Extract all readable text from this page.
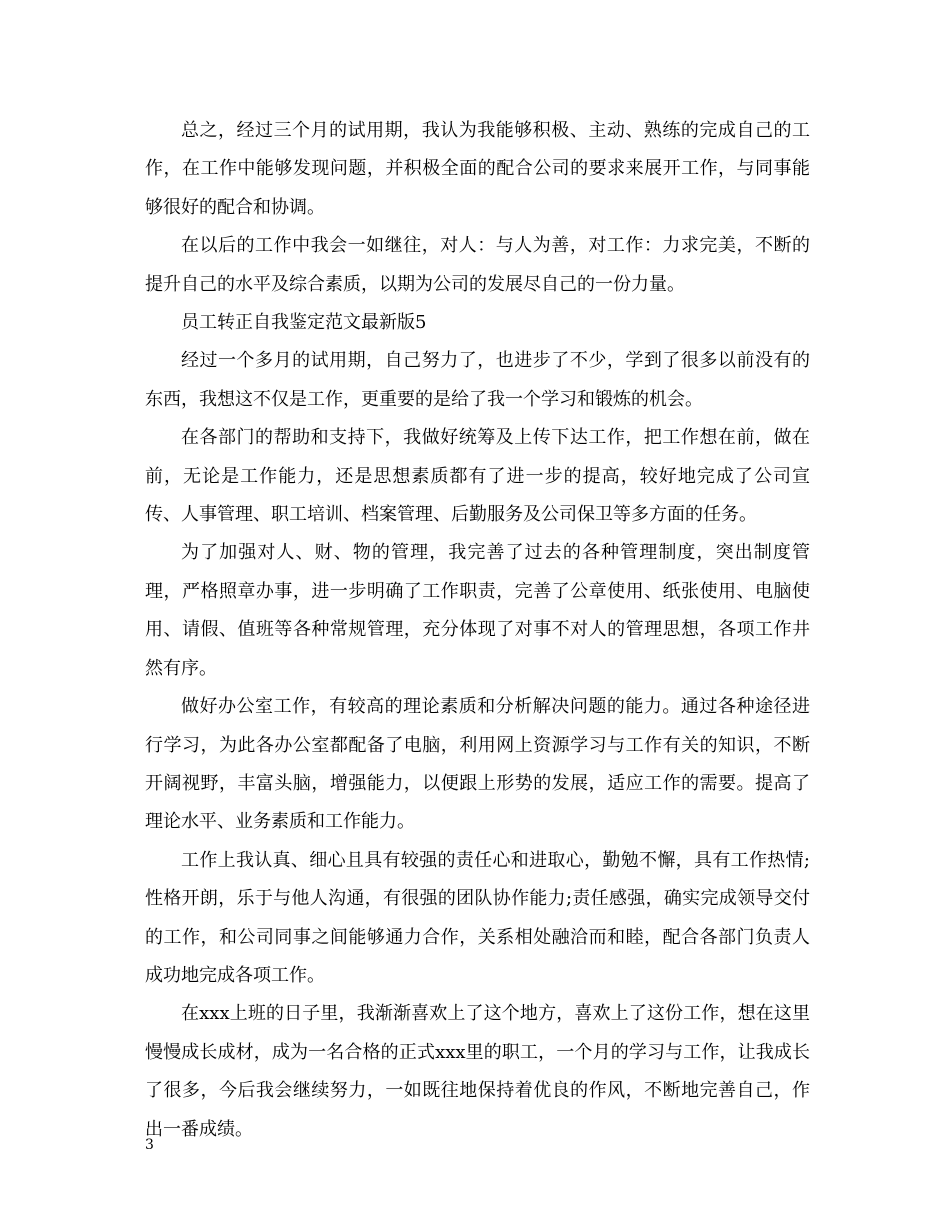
总之，经过三个月的试用期，我认为我能够积极、主动、熟练的完成自己的工作，在工作中能够发现问题，并积极全面的配合公司的要求来展开工作，与同事能够很好的配合和协调。

在以后的工作中我会一如继往，对人：与人为善，对工作：力求完美，不断的提升自己的水平及综合素质，以期为公司的发展尽自己的一份力量。

员工转正自我鉴定范文最新版5

经过一个多月的试用期，自己努力了，也进步了不少，学到了很多以前没有的东西，我想这不仅是工作，更重要的是给了我一个学习和锻炼的机会。

在各部门的帮助和支持下，我做好统筹及上传下达工作，把工作想在前，做在前，无论是工作能力，还是思想素质都有了进一步的提高，较好地完成了公司宣传、人事管理、职工培训、档案管理、后勤服务及公司保卫等多方面的任务。

为了加强对人、财、物的管理，我完善了过去的各种管理制度，突出制度管理，严格照章办事，进一步明确了工作职责，完善了公章使用、纸张使用、电脑使用、请假、值班等各种常规管理，充分体现了对事不对人的管理思想，各项工作井然有序。

做好办公室工作，有较高的理论素质和分析解决问题的能力。通过各种途径进行学习，为此各办公室都配备了电脑，利用网上资源学习与工作有关的知识，不断开阔视野，丰富头脑，增强能力，以便跟上形势的发展，适应工作的需要。提高了理论水平、业务素质和工作能力。

工作上我认真、细心且具有较强的责任心和进取心，勤勉不懈，具有工作热情;性格开朗，乐于与他人沟通，有很强的团队协作能力;责任感强，确实完成领导交付的工作，和公司同事之间能够通力合作，关系相处融洽而和睦，配合各部门负责人成功地完成各项工作。

在xxx上班的日子里，我渐渐喜欢上了这个地方，喜欢上了这份工作，想在这里慢慢成长成材，成为一名合格的正式xxx里的职工，一个月的学习与工作，让我成长了很多，今后我会继续努力，一如既往地保持着优良的作风，不断地完善自己，作出一番成绩。

3
